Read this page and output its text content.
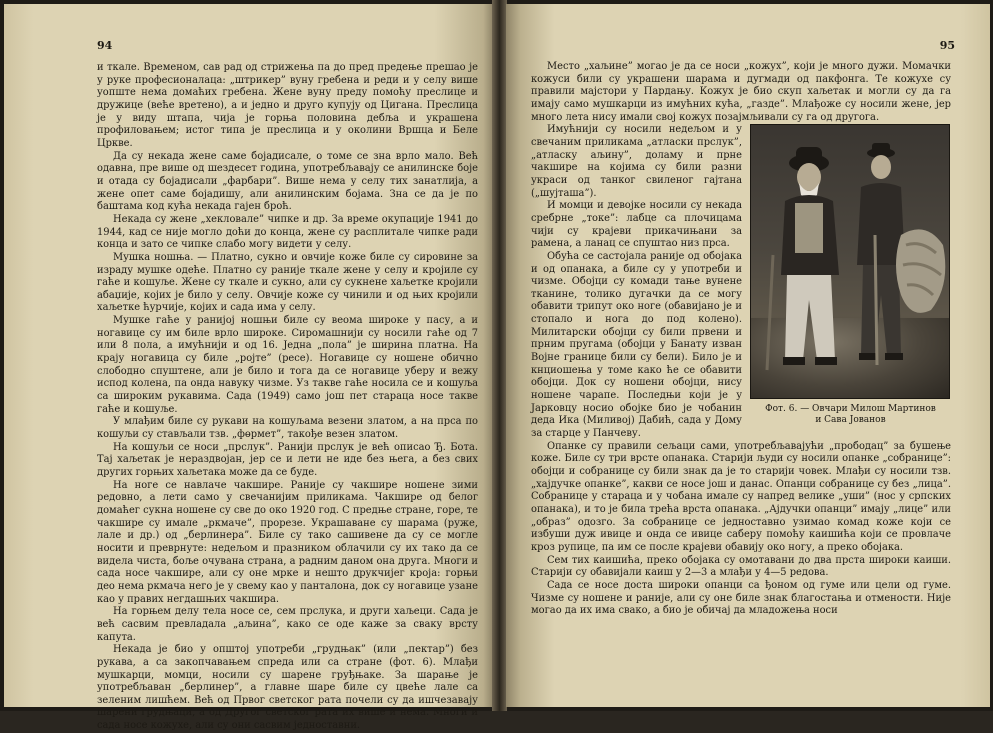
94

и ткале. Временом, сав рад од стрижења па до пред предење прешао је у руке професионалаца: „штрикер” вуну гребена и реди и у селу више уопште нема домаћих гребена. Жене вуну преду помоћу преслице и дружице (веће вретено), а и једно и друго купују од Цигана. Преслица је у виду штапа, чија је горња половина дебља и украшена профиловањем; истог типа је преслица и у околини Вршца и Беле Цркве.

Да су некада жене саме бојадисале, о томе се зна врло мало. Већ одавна, пре више од шездесет година, употребљавају се анилинске боје и отада су бојадисали „фарбари”. Више нема у селу тих занатлија, а жене опет саме бојадишу, али анилинским бојама. Зна се да је по баштама код кућа некада гајен броћ.

Некада су жене „хекловале” чипке и др. За време окупације 1941 до 1944, кад се није могло доћи до конца, жене су расплитале чипке ради конца и зато се чипке слабо могу видети у селу.

Мушка ношња. — Платно, сукно и овчије коже биле су сировине за израду мушке одеће. Платно су раније ткале жене у селу и кројиле су гаће и кошуље. Жене су ткале и сукно, али су сукнене хаљетке кројили абаџије, којих је било у селу. Овчије коже су чинили и од њих кројили хаљетке ћурчије, којих и сада има у селу.

Мушке гаће у ранијој ношњи биле су веома широке у пасу, а и ногавице су им биле врло широке. Сиромашнији су носили гаће од 7 или 8 пола, а имућнији и од 16. Једна „пола” је ширина платна. На крају ногавица су биле „ројте” (ресе). Ногавице су ношене обично слободно спуштене, али је било и тога да се ногавице уберу и вежу испод колена, па онда навуку чизме. Уз такве гаће носила се и кошуља са широким рукавима. Сада (1949) само још пет стараца носе такве гаће и кошуље.

У млађим биле су рукави на кошуљама везени златом, а на прса по кошуљи су стављали тзв. „фөрмет”, такође везен златом.

На кошуљи се носи „прслук”. Ранији прслук је већ описао Ђ. Бота. Тај хаљетак је нераздвојан, јер се и лети не иде без њега, а без свих других горњих хаљетака може да се буде.

На ноге се навлаче чакшире. Раније су чакшире ношене зими редовно, а лети само у свечанијим приликама. Чакшире од белог домаћег сукна ношене су све до око 1920 год. С предње стране, горе, те чакшире су имале „ркмаче”, прорезе. Украшаване су шарама (руже, лале и др.) од „берлинера”. Биле су тако сашивене да су се могле носити и преврнуте: недељом и празником облачили су их тако да се видела чиста, боље очувана страна, а радним даном она друга. Многи и сада носе чакшире, али су оне мрке и нешто друкчијег кроја: горњи део нема ркмача него је у свему као у панталона, док су ногавице узане као у правих негдашњих чакшира.

На горњем делу тела носе се, сем прслука, и други хаљеци. Сада је већ сасвим превладала „аљина”, како се оде каже за сваку врсту капута.

Некада је био у општој употреби „грудњак” (или „пектар”) без рукава, а са закопчавањем спреда или са стране (фот. 6). Млађи мушкарци, момци, носили су шарене груђњаке. За шарање је употребљаван „берлинер”, а главне шаре биле су цвеће лале са зеленим лишћем. Већ од Првог светског рата почели су да ишчезавају шарени грудњаци, а од Другог светског рата их више и нема. Многи и сада носе кожухе, али су они сасвим једноставни.

95

Место „хаљине” могао је да се носи „кожух”, који је много дужи. Момачки кожуси били су украшени шарама и дугмади од пакфонга. Те кожухе су правили мајстори у Пардању. Кожух је био скуп хаљетак и могли су да га имају само мушкарци из имућних кућа, „газде”. Млађоже су носили жене, јер много лета нису имали свој кожух позајмљивали су га од другога.

Фот. 6. — Овчари Милош Мартинов
и Сава Јованов

Имућнији су носили недељом и у свечаним приликама „атласки прслук”, „атласку аљину”, доламу и прне чакшире на којима су били разни украси од танког свиленог гајтана („шујташа”).

И момци и девојке носили су некада сребрне „токе”: лабце са плочицама чији су крајеви прикачињани за рамена, а ланац се спуштао низ прса.

Обућа се састојала раније од обојака и од опанака, а биле су у употреби и чизме. Обојци су комади тање вунене тканине, толико дугачки да се могу обавити трипут око ноге (обавијано је и стопало и нога до под колено). Милитарски обојци су били првени и прним пругама (обојци у Банату изван Војне границе били су бели). Било је и кнциошења у томе како ће се обавити обојци. Док су ношени обојци, нису ношене чарапе. Последњи који је у Јарковцу носио обојке био је чобанин деда Ика (Миливој) Дабић, сада у Дому за старце у Панчеву.

Опанке су правили сељаци сами, употребљавајући „прободац” за бушење коже. Биле су три врсте опанака. Старији људи су носили опанке „собранице”: обојци и собранице су били знак да је то старији човек. Млађи су носили тзв. „хајдучке опанке”, какви се носе још и данас. Опанци собранице су без „лица”. Собранице у стараца и у чобана имале су напред велике „уши” (нос у српских опанака), и то је била трећа врста опанака. „Ајдучки опанци” имају „лице” или „образ” одозго. За собранице се једноставно узимао комад коже који се избуши дуж ивице и онда се ивице саберу помоћу каишића који се провлаче кроз рупице, па им се после крајеви обавију око ногу, а преко обојака.

Сем тих каишића, преко обојака су омотавани до два прста широки каиши. Старији су обавијали каиш у 2—3 а млађи у 4—5 редова.

Сада се носе доста широки опанци са ђоном од гуме или цели од гуме. Чизме су ношене и раније, али су оне биле знак благостања и отмености. Није могао да их има свако, а био је обичај да младожења носи
